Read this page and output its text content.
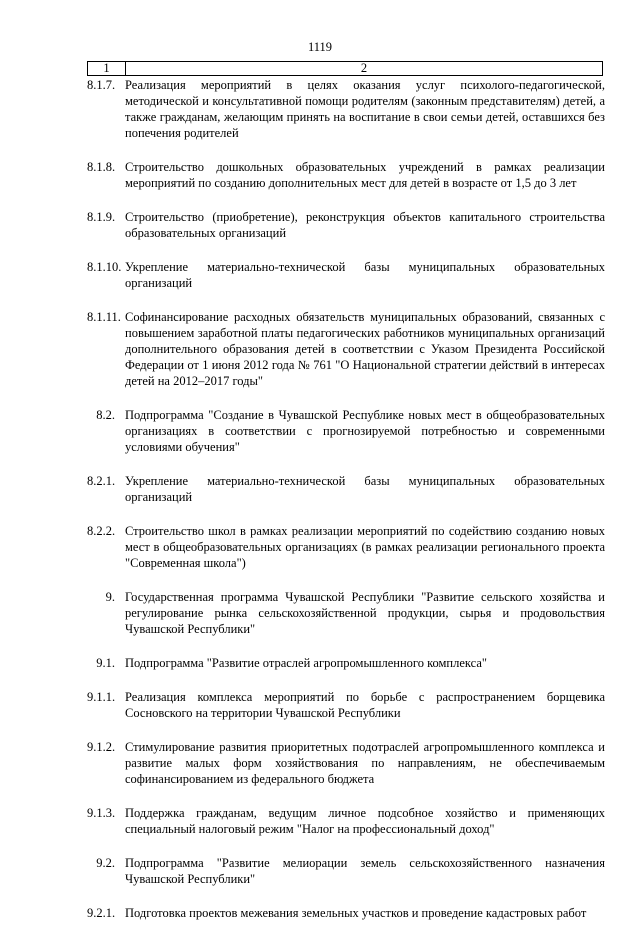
1119
1	2
8.1.7. Реализация мероприятий в целях оказания услуг психолого-педагогической, методической и консультативной помощи родителям (законным представителям) детей, а также гражданам, желающим принять на воспитание в свои семьи детей, оставшихся без попечения родителей
8.1.8. Строительство дошкольных образовательных учреждений в рамках реализации мероприятий по созданию дополнительных мест для детей в возрасте от 1,5 до 3 лет
8.1.9. Строительство (приобретение), реконструкция объектов капитального строительства образовательных организаций
8.1.10. Укрепление материально-технической базы муниципальных образовательных организаций
8.1.11. Софинансирование расходных обязательств муниципальных образований, связанных с повышением заработной платы педагогических работников муниципальных организаций дополнительного образования детей в соответствии с Указом Президента Российской Федерации от 1 июня 2012 года № 761 "О Национальной стратегии действий в интересах детей на 2012–2017 годы"
8.2. Подпрограмма "Создание в Чувашской Республике новых мест в общеобразовательных организациях в соответствии с прогнозируемой потребностью и современными условиями обучения"
8.2.1. Укрепление материально-технической базы муниципальных образовательных организаций
8.2.2. Строительство школ в рамках реализации мероприятий по содействию созданию новых мест в общеобразовательных организациях (в рамках реализации регионального проекта "Современная школа")
9. Государственная программа Чувашской Республики "Развитие сельского хозяйства и регулирование рынка сельскохозяйственной продукции, сырья и продовольствия Чувашской Республики"
9.1. Подпрограмма "Развитие отраслей агропромышленного комплекса"
9.1.1. Реализация комплекса мероприятий по борьбе с распространением борщевика Сосновского на территории Чувашской Республики
9.1.2. Стимулирование развития приоритетных подотраслей агропромышленного комплекса и развитие малых форм хозяйствования по направлениям, не обеспечиваемым софинансированием из федерального бюджета
9.1.3. Поддержка гражданам, ведущим личное подсобное хозяйство и применяющих специальный налоговый режим "Налог на профессиональный доход"
9.2. Подпрограмма "Развитие мелиорации земель сельскохозяйственного назначения Чувашской Республики"
9.2.1. Подготовка проектов межевания земельных участков и проведение кадастровых работ
